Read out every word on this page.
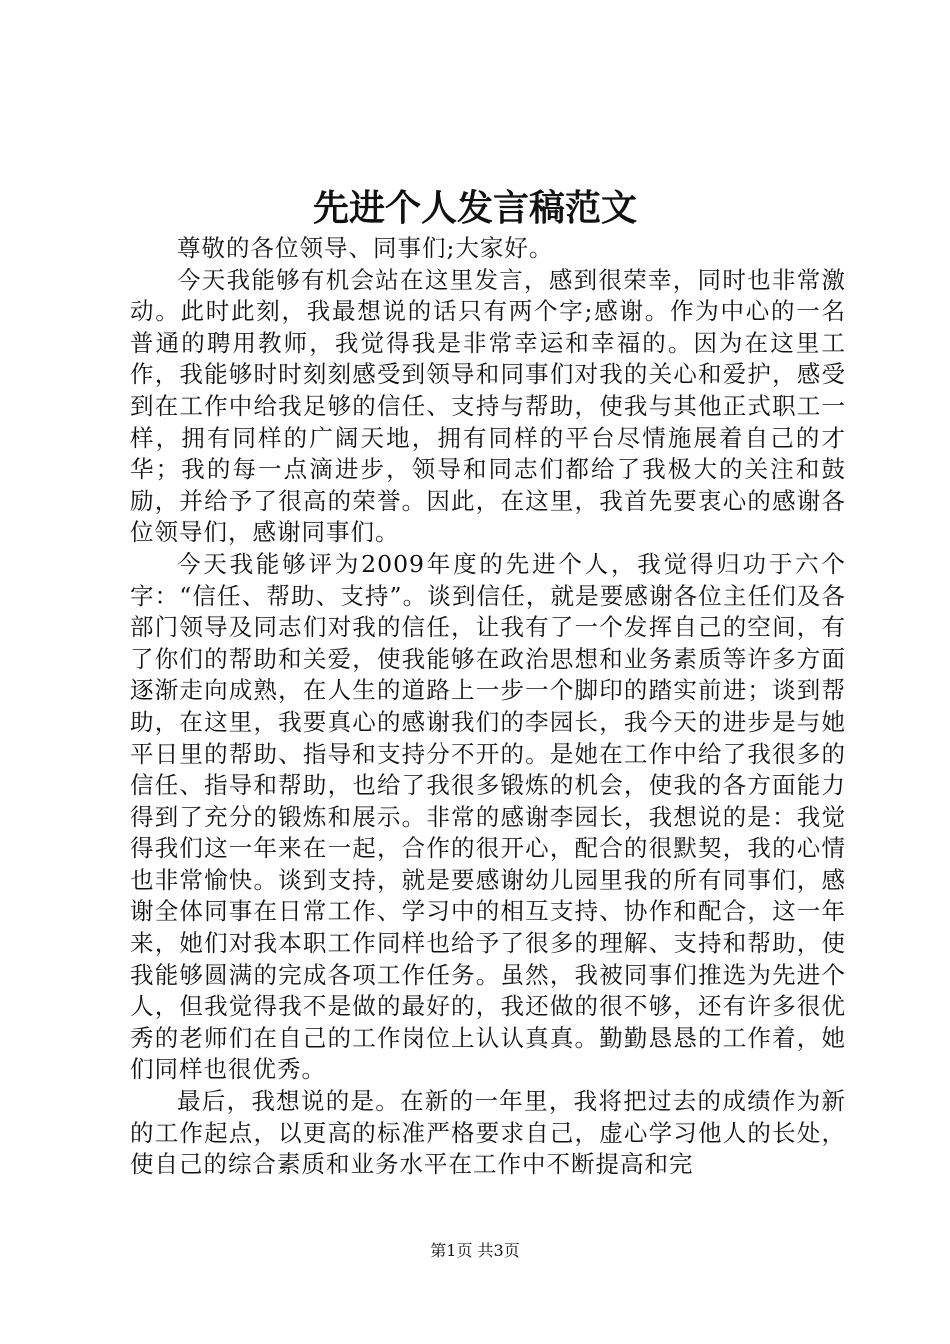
先进个人发言稿范文

尊敬的各位领导、同事们;大家好。

今天我能够有机会站在这里发言，感到很荣幸，同时也非常激动。此时此刻，我最想说的话只有两个字;感谢。作为中心的一名普通的聘用教师，我觉得我是非常幸运和幸福的。因为在这里工作，我能够时时刻刻感受到领导和同事们对我的关心和爱护，感受到在工作中给我足够的信任、支持与帮助，使我与其他正式职工一样，拥有同样的广阔天地，拥有同样的平台尽情施展着自己的才华；我的每一点滴进步，领导和同志们都给了我极大的关注和鼓励，并给予了很高的荣誉。因此，在这里，我首先要衷心的感谢各位领导们，感谢同事们。

今天我能够评为2009年度的先进个人，我觉得归功于六个字：“信任、帮助、支持”。谈到信任，就是要感谢各位主任们及各部门领导及同志们对我的信任，让我有了一个发挥自己的空间，有了你们的帮助和关爱，使我能够在政治思想和业务素质等许多方面逐渐走向成熟，在人生的道路上一步一个脚印的踏实前进；谈到帮助，在这里，我要真心的感谢我们的李园长，我今天的进步是与她平日里的帮助、指导和支持分不开的。是她在工作中给了我很多的信任、指导和帮助，也给了我很多锻炼的机会，使我的各方面能力得到了充分的锻炼和展示。非常的感谢李园长，我想说的是：我觉得我们这一年来在一起，合作的很开心，配合的很默契，我的心情也非常愉快。谈到支持，就是要感谢幼儿园里我的所有同事们，感谢全体同事在日常工作、学习中的相互支持、协作和配合，这一年来，她们对我本职工作同样也给予了很多的理解、支持和帮助，使我能够圆满的完成各项工作任务。虽然，我被同事们推选为先进个人，但我觉得我不是做的最好的，我还做的很不够，还有许多很优秀的老师们在自己的工作岗位上认认真真。勤勤恳恳的工作着，她们同样也很优秀。

最后，我想说的是。在新的一年里，我将把过去的成绩作为新的工作起点，以更高的标准严格要求自己，虚心学习他人的长处，使自己的综合素质和业务水平在工作中不断提高和完

第1页 共3页
